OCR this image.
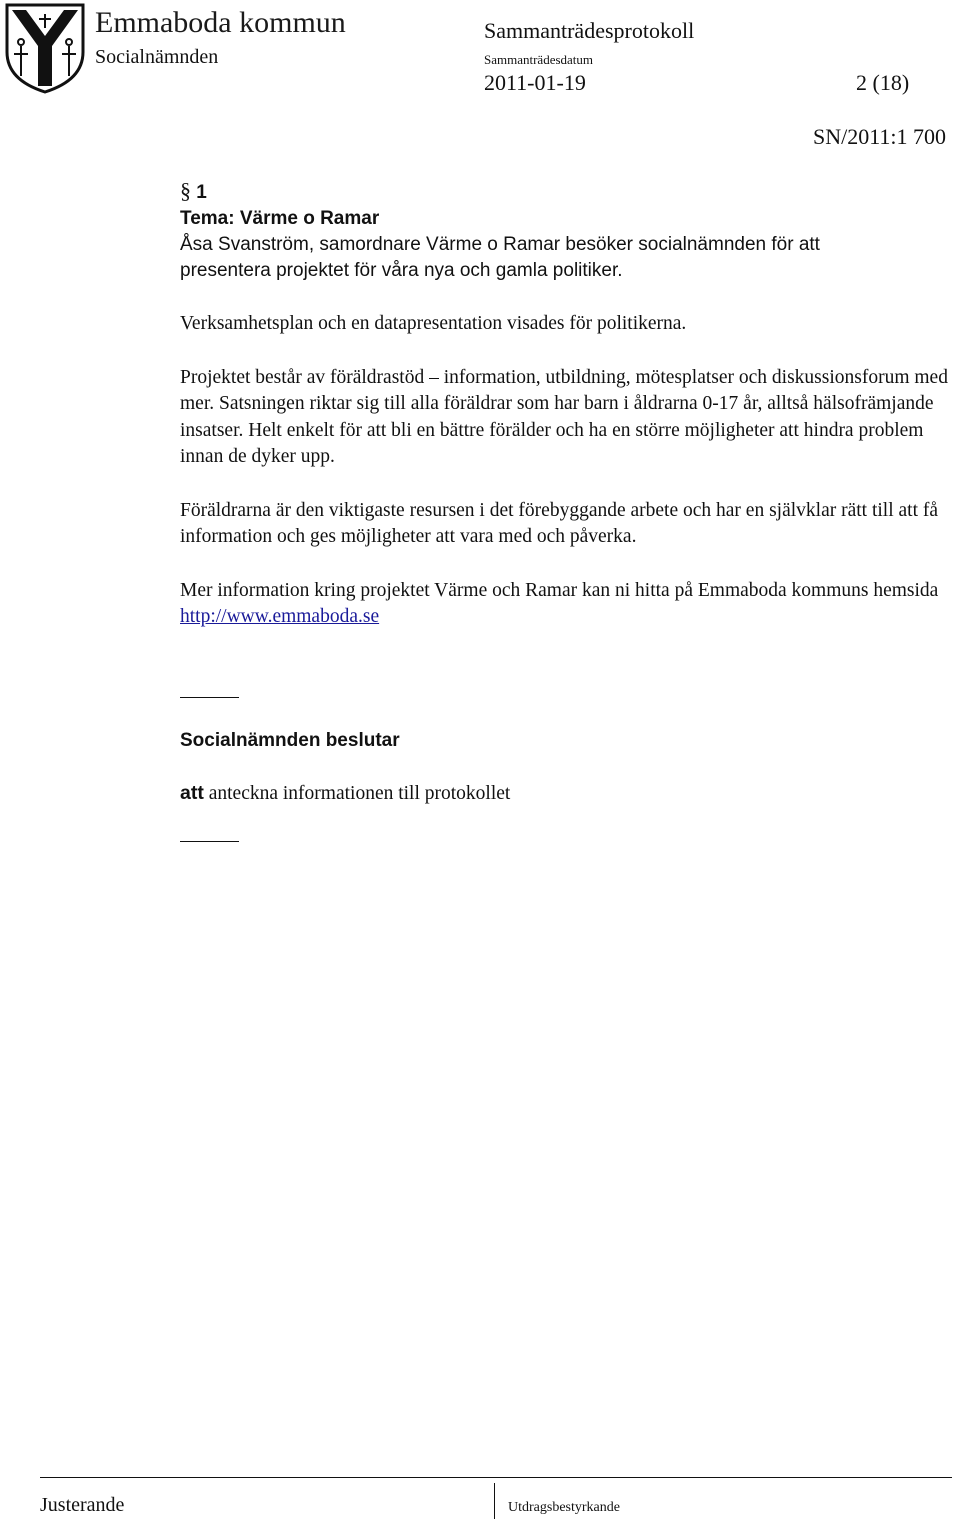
Emmaboda kommun
Socialnämnden
Sammanträdesprotokoll
Sammanträdesdatum
2011-01-19	2 (18)
SN/2011:1 700
§ 1
Tema: Värme o Ramar

Åsa Svanström, samordnare Värme o Ramar besöker socialnämnden för att

presentera projektet för våra nya och gamla politiker.

Verksamhetsplan och en datapresentation visades för politikerna.

Projektet består av föräldrastöd – information, utbildning, mötesplatser och diskussionsforum med mer. Satsningen riktar sig till alla föräldrar som har barn i åldrarna 0-17 år, alltså hälsofrämjande insatser. Helt enkelt för att bli en bättre förälder och ha en större möjligheter att hindra problem innan de dyker upp.

Föräldrarna är den viktigaste resursen i det förebyggande arbete och har en självklar rätt till att få information och ges möjligheter att vara med och påverka.

Mer information kring projektet Värme och Ramar kan ni hitta på Emmaboda kommuns hemsida http://www.emmaboda.se

Socialnämnden beslutar
att anteckna informationen till protokollet
Justerande	Utdragsbestyrkande
